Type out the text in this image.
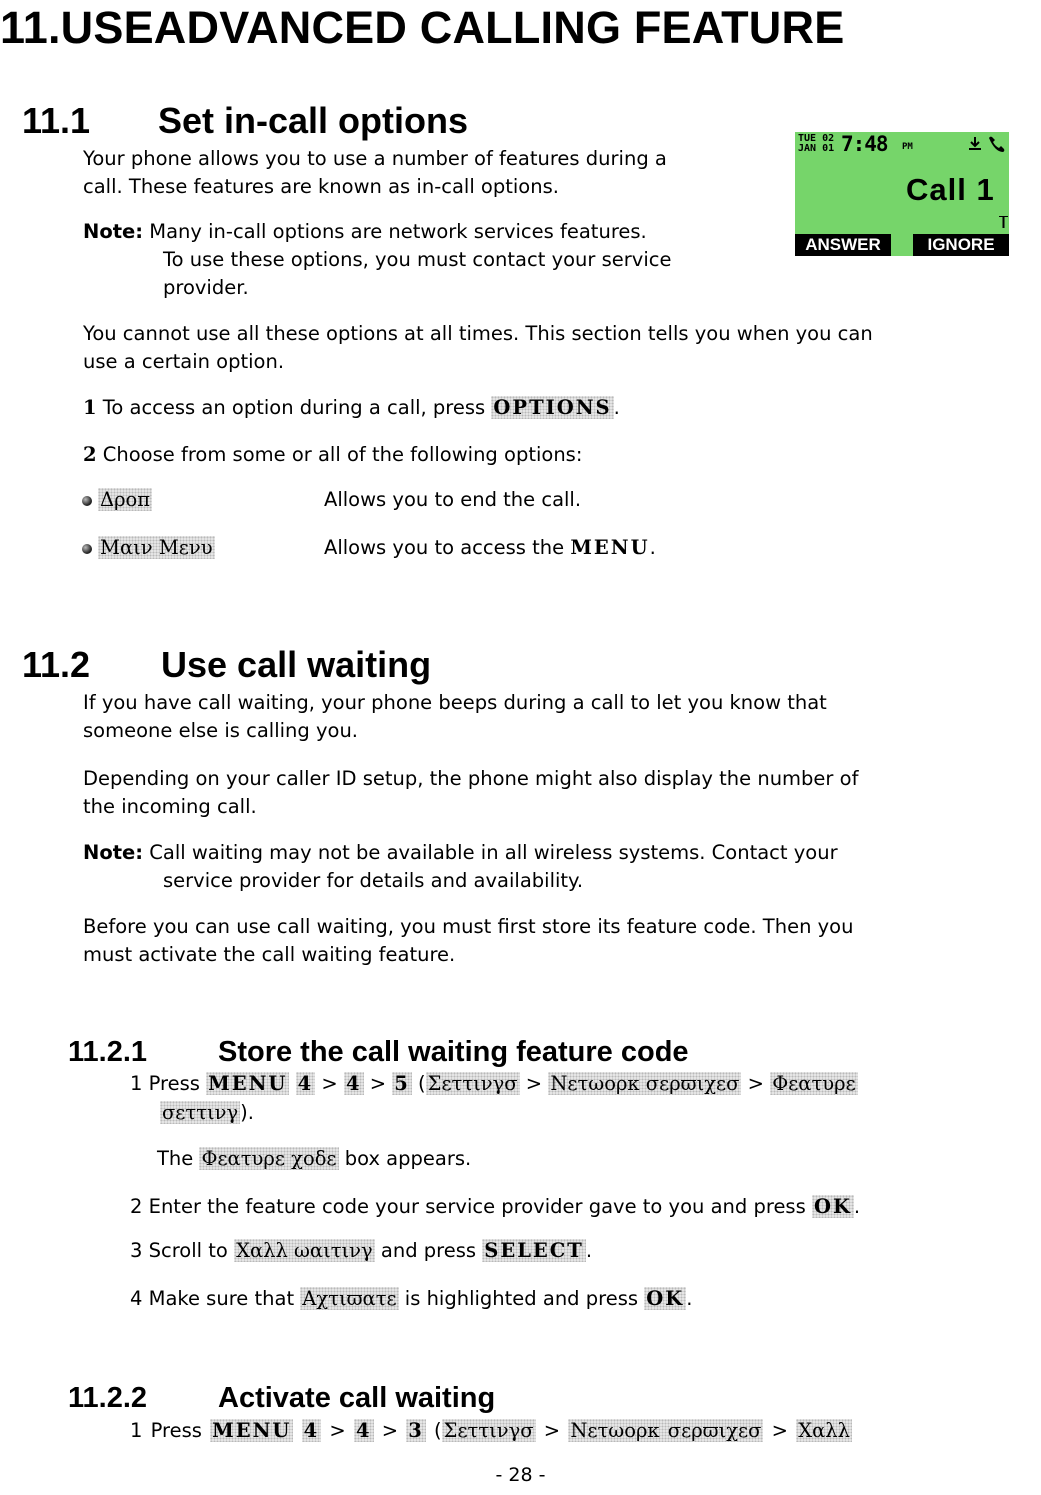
11.USEADVANCED CALLING FEATURE
11.1 Set in-call options
Your phone allows you to use a number of features during a
call. These features are known as in-call options.
Note: Many in-call options are network services features.
To use these options, you must contact your service
provider.
You cannot use all these options at all times. This section tells you when you can
use a certain option.
1 To access an option during a call, press OPTIONS .
2 Choose from some or all of the following options:
Δροπ	Allows you to end the call.
Μαιν Μενυ	Allows you to access the MENU.
TUE 02
JAN 01 7:48 PM
Call 1
ANSWER	IGNORE
11.2 Use call waiting
If you have call waiting, your phone beeps during a call to let you know that
someone else is calling you.
Depending on your caller ID setup, the phone might also display the number of
the incoming call.
Note: Call waiting may not be available in all wireless systems. Contact your
service provider for details and availability.
Before you can use call waiting, you must first store its feature code. Then you
must activate the call waiting feature.
11.2.1 Store the call waiting feature code
1 Press MENU 4 > 4 > 5 ( Σεττινγσ > Νετωορκ σερϖιχεσ > Φεατυρε
σεττινγ ).
The Φεατυρε χοδε box appears.
2 Enter the feature code your service provider gave to you and press OK .
3 Scroll to Χαλλ ωαιτινγ and press SELECT .
4 Make sure that Αχτιϖατε is highlighted and press OK .
11.2.2 Activate call waiting
1 Press MENU 4 > 4 > 3 ( Σεττινγσ > Νετωορκ σερϖιχεσ > Χαλλ
- 28 -
